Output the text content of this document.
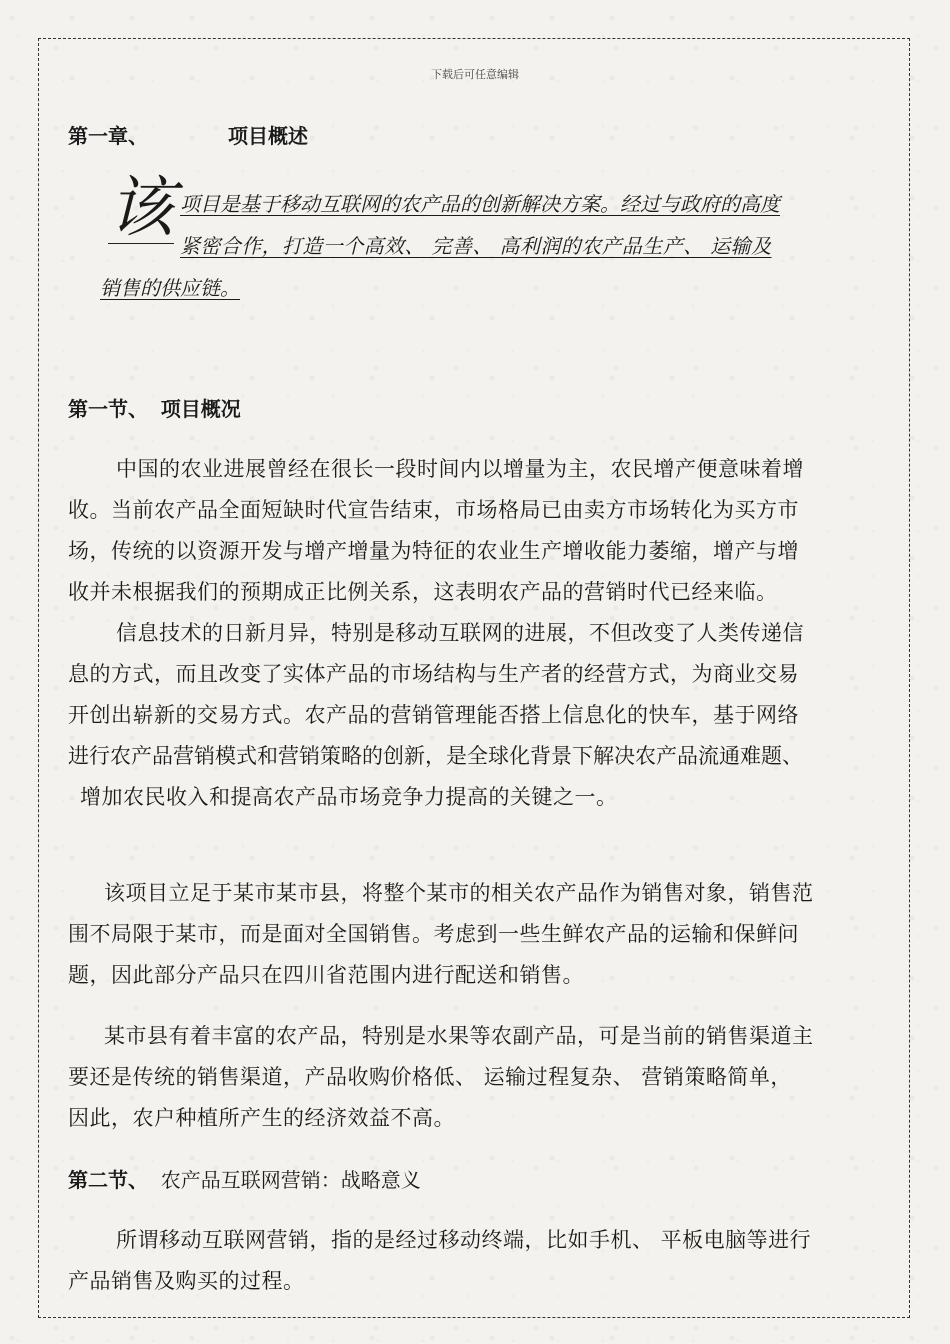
下载后可任意编辑
第一章、	项目概述
该 项目是基于移动互联网的农产品的创新解决方案。经过与政府的高度
紧密合作，打造一个高效、 完善、 高利润的农产品生产、 运输及
销售的供应链。
第一节、 项目概况
中国的农业进展曾经在很长一段时间内以增量为主，农民增产便意味着增
收。当前农产品全面短缺时代宣告结束，市场格局已由卖方市场转化为买方市
场，传统的以资源开发与增产增量为特征的农业生产增收能力萎缩，增产与增
收并未根据我们的预期成正比例关系，这表明农产品的营销时代已经来临。
信息技术的日新月异，特别是移动互联网的进展，不但改变了人类传递信
息的方式，而且改变了实体产品的市场结构与生产者的经营方式，为商业交易
开创出崭新的交易方式。农产品的营销管理能否搭上信息化的快车，基于网络
进行农产品营销模式和营销策略的创新，是全球化背景下解决农产品流通难题、
增加农民收入和提高农产品市场竞争力提高的关键之一。
该项目立足于某市某市县，将整个某市的相关农产品作为销售对象，销售范
围不局限于某市，而是面对全国销售。考虑到一些生鲜农产品的运输和保鲜问
题，因此部分产品只在四川省范围内进行配送和销售。
某市县有着丰富的农产品，特别是水果等农副产品，可是当前的销售渠道主
要还是传统的销售渠道，产品收购价格低、 运输过程复杂、 营销策略简单，
因此，农户种植所产生的经济效益不高。
第二节、 农产品互联网营销：战略意义
所谓移动互联网营销，指的是经过移动终端，比如手机、 平板电脑等进行
产品销售及购买的过程。
